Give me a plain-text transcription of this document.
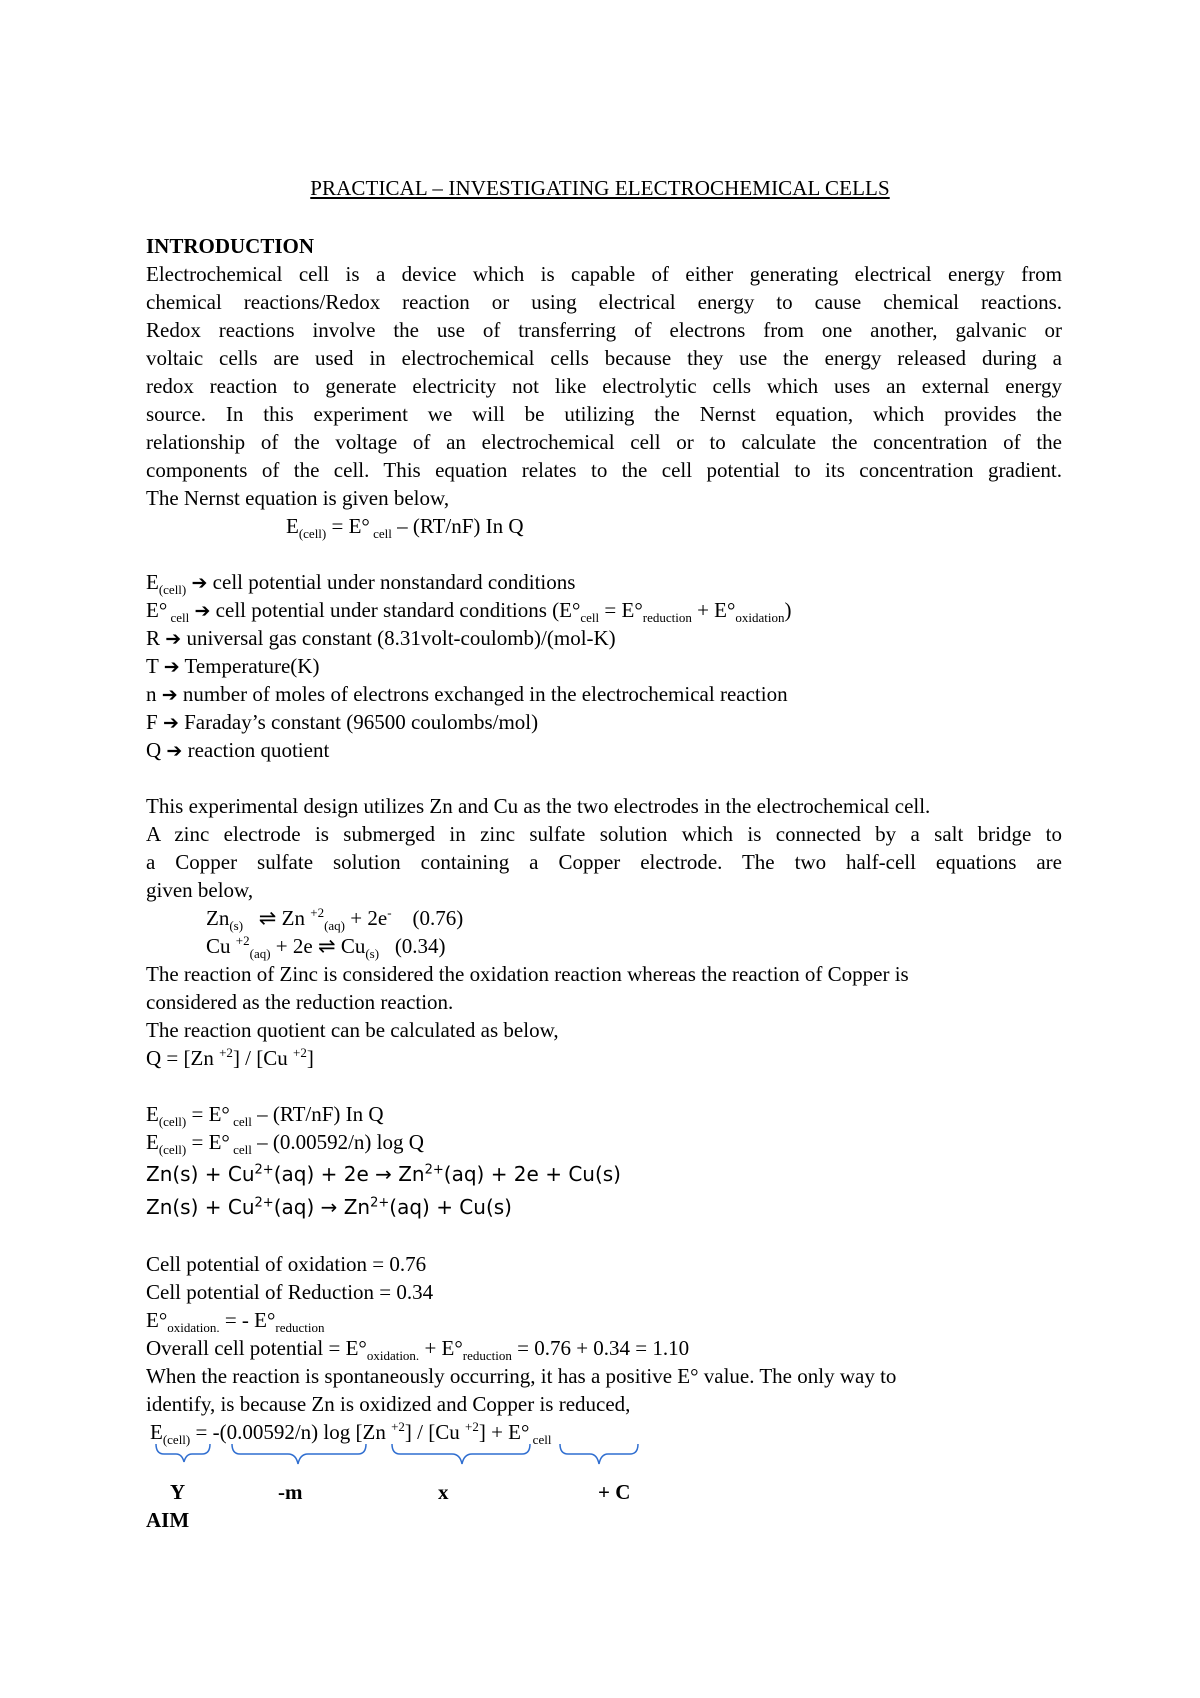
PRACTICAL – INVESTIGATING ELECTROCHEMICAL CELLS
INTRODUCTION
Electrochemical cell is a device which is capable of either generating electrical energy from
chemical reactions/Redox reaction or using electrical energy to cause chemical reactions.
Redox reactions involve the use of transferring of electrons from one another, galvanic or
voltaic cells are used in electrochemical cells because they use the energy released during a
redox reaction to generate electricity not like electrolytic cells which uses an external energy
source. In this experiment we will be utilizing the Nernst equation, which provides the
relationship of the voltage of an electrochemical cell or to calculate the concentration of the
components of the cell. This equation relates to the cell potential to its concentration gradient.
The Nernst equation is given below,
$E_{(cell)} = E^\circ$ $_{cell}$ – (RT/nF) In Q
$E_{(cell)}$ ➔ cell potential under nonstandard conditions
E° $_{cell}$ ➔ cell potential under standard conditions $(E^\circ_{cell} = E^\circ_{reduction} + E^\circ_{oxidation})$
R ➔ universal gas constant (8.31volt-coulomb)/(mol-K)
T ➔ Temperature(K)
n ➔ number of moles of electrons exchanged in the electrochemical reaction
F ➔ Faraday’s constant (96500 coulombs/mol)
Q ➔ reaction quotient
This experimental design utilizes Zn and Cu as the two electrodes in the electrochemical cell.
A zinc electrode is submerged in zinc sulfate solution which is connected by a salt bridge to
a Copper sulfate solution containing a Copper electrode. The two half-cell equations are
given below,
$Zn_{(s)}$ ⇌ Zn $^{+2}_{(aq)}$ + 2e- (0.76)
Cu $^{+2}_{(aq)}$ + 2e ⇌ $Cu_{(s)}$ (0.34)
The reaction of Zinc is considered the oxidation reaction whereas the reaction of Copper is
considered as the reduction reaction.
The reaction quotient can be calculated as below,
Q = [Zn $^{+2}$] / [Cu $^{+2}$]
$E_{(cell)} = E^\circ$ $_{cell}$ – (RT/nF) In Q
$E_{(cell)} = E^\circ$ $_{cell}$ – (0.00592/n) log Q
$Zn(s) + Cu^{2+}(aq) + 2e \to Zn^{2+}(aq) + 2e + Cu(s)$
$Zn(s) + Cu^{2+}(aq) \to Zn^{2+}(aq) + Cu(s)$
Cell potential of oxidation = 0.76
Cell potential of Reduction = 0.34
$E^\circ_{oxidation.}$ = - $E^\circ_{reduction}$
Overall cell potential = $E^\circ_{oxidation.} + E^\circ_{reduction} = 0.76 + 0.34 = 1.10$
When the reaction is spontaneously occurring, it has a positive E° value. The only way to
identify, is because Zn is oxidized and Copper is reduced,
$E_{(cell)} = -(0.00592/n)$ log [Zn $^{+2}$] / [Cu $^{+2}$] + E° $_{cell}$
Y	-m	x	+ C
AIM
